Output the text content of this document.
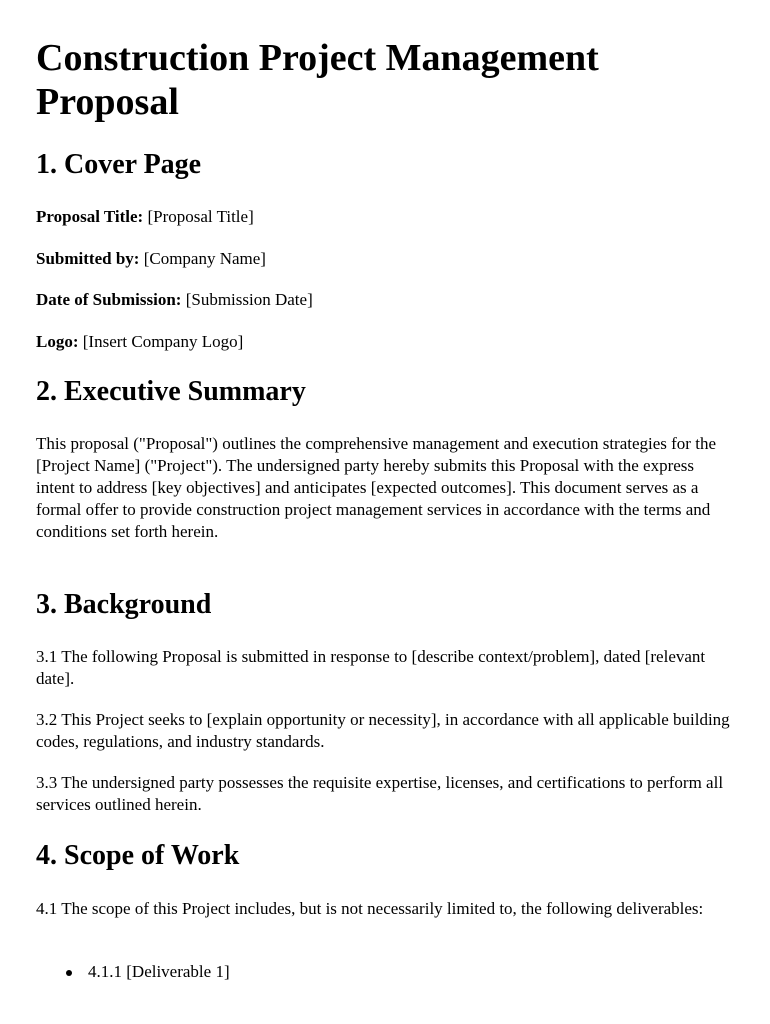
Construction Project Management Proposal
1. Cover Page

Proposal Title: [Proposal Title]

Submitted by: [Company Name]

Date of Submission: [Submission Date]

Logo: [Insert Company Logo]

2. Executive Summary

This proposal ("Proposal") outlines the comprehensive management and execution strategies for the [Project Name] ("Project"). The undersigned party hereby submits this Proposal with the express intent to address [key objectives] and anticipates [expected outcomes]. This document serves as a formal offer to provide construction project management services in accordance with the terms and conditions set forth herein.

3. Background

3.1 The following Proposal is submitted in response to [describe context/problem], dated [relevant date].

3.2 This Project seeks to [explain opportunity or necessity], in accordance with all applicable building codes, regulations, and industry standards.

3.3 The undersigned party possesses the requisite expertise, licenses, and certifications to perform all services outlined herein.

4. Scope of Work

4.1 The scope of this Project includes, but is not necessarily limited to, the following deliverables:

4.1.1 [Deliverable 1]
